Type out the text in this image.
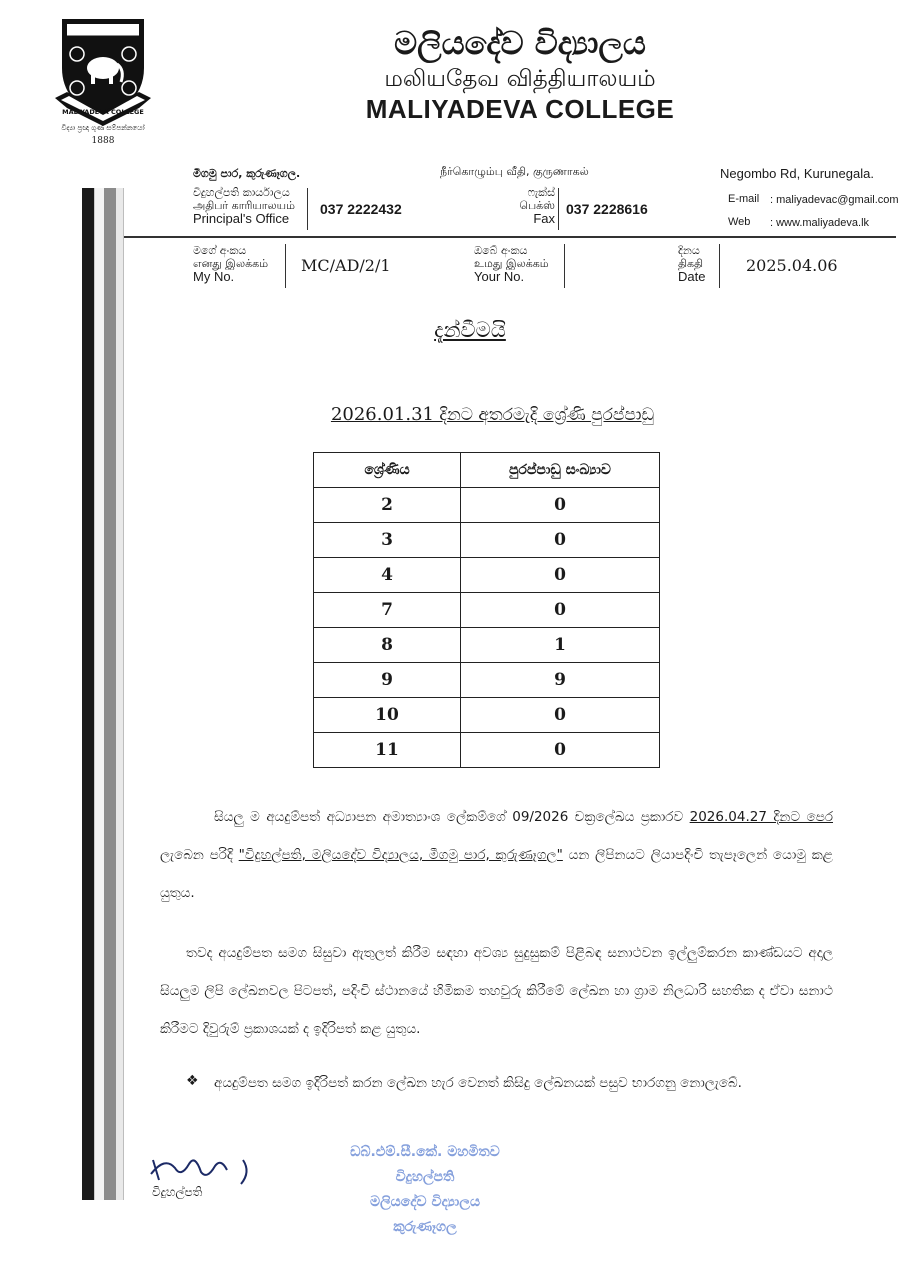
MALIYADEVA COLLEGE
විද්‍යා ප්‍රඥා ගුණ සම්පන්නයෝ
1888
මලියදේව විද්‍යාලය
மலியதேவ வித்தியாலயம்
MALIYADEVA COLLEGE
මීගමු පාර, කුරුණෑගල.	நீர்கொழும்பு வீதி, குருணாகல்	Negombo Rd, Kurunegala.
විදුහල්පති කාර්යාලය
அதிபர் காரியாலயம்
Principal's Office
037 2222432
ෆැක්ස්
பெக்ஸ்
Fax
037 2228616
E-mail : maliyadevac@gmail.com
Web : www.maliyadeva.lk
මගේ අංකය
எனது இலக்கம்
My No.
MC/AD/2/1
ඔබේ අංකය
உமது இலக்கம்
Your No.
දිනය
திகதி
Date
2025.04.06
දැන්වීමයි
2026.01.31 දිනට අතරමැදි ශ්‍රේණි පුරප්පාඩු
ශ්‍රේණිය	පුරප්පාඩු සංඛ්‍යාව
2	0
3	0
4	0
7	0
8	1
9	9
10	0
11	0
සියලු ම අයදුම්පත් අධ්‍යාපන අමාත්‍යාංශ ලේකම්ගේ 09/2026 චක්‍රලේඛය ප්‍රකාරව 2026.04.27 දිනට පෙර ලැබෙන පරිදි "විදුහල්පති, මලියදේව විද්‍යාලය, මීගමු පාර, කුරුණෑගල" යන ලිපිනයට ලියාපදිංචි තැපෑලෙන් යොමු කළ යුතුය.
තවද අයදුම්පත සමග සිසුවා ඇතුලත් කිරීම සඳහා අවශ්‍ය සුදුසුකම් පිළිබඳ සනාථවන ඉල්ලුම්කරන කාණ්ඩයට අදාල සියලුම ලිපි ලේඛනවල පිටපත්, පදිංචි ස්ථානයේ හිමිකම තහවුරු කිරීමේ ලේඛන හා ග්‍රාම නිලධාරි සහතික ද ඒවා සනාථ කිරීමට දිවුරුම් ප්‍රකාශයක් ද ඉදිරිපත් කළ යුතුය.
❖ අයදුම්පත සමග ඉදිරිපත් කරන ලේඛන හැර වෙනත් කිසිදු ලේඛනයක් පසුව භාරගනු නොලැබේ.
විදුහල්පති
ඩබ්.එම්.සී.කේ. මහමිතව
විදුහල්පති
මලියදේව විද්‍යාලය
කුරුණෑගල
